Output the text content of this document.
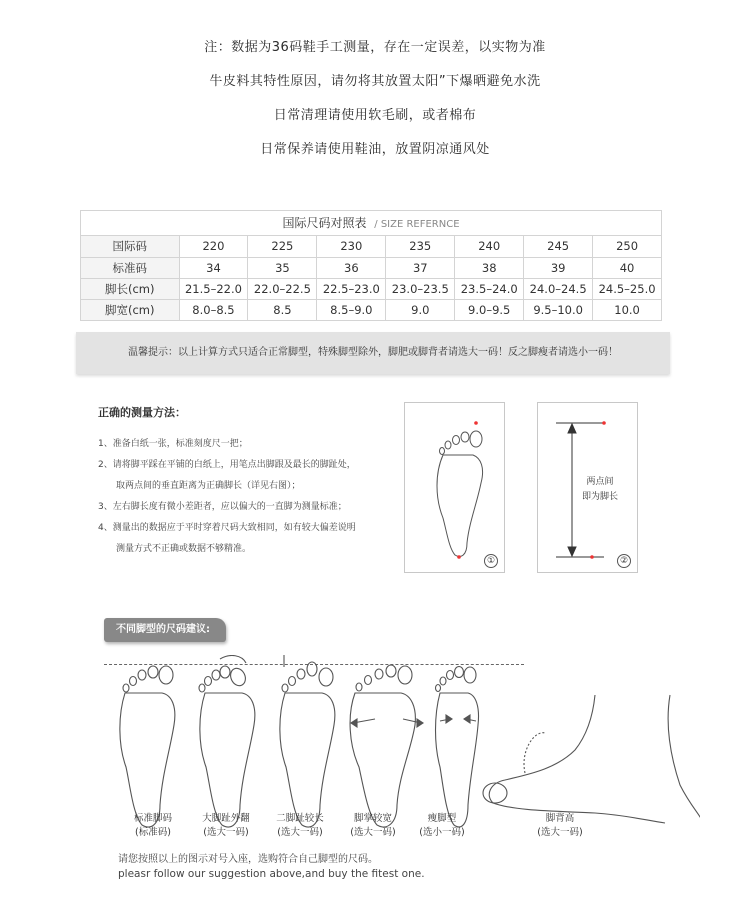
注：数据为36码鞋手工测量，存在一定误差，以实物为准
牛皮料其特性原因，请勿将其放置太阳”下爆晒避免水洗
日常清理请使用软毛刷，或者棉布
日常保养请使用鞋油，放置阴凉通风处
国际尺码对照表 / SIZE REFERNCE
国际码	220	225	230	235	240	245	250
标准码	34	35	36	37	38	39	40
脚长(cm)	21.5–22.0	22.0–22.5	22.5–23.0	23.0–23.5	23.5–24.0	24.0–24.5	24.5–25.0
脚宽(cm)	8.0–8.5	8.5	8.5–9.0	9.0	9.0–9.5	9.5–10.0	10.0
温馨提示：以上计算方式只适合正常脚型，特殊脚型除外，脚肥或脚背者请选大一码！反之脚瘦者请选小一码！
正确的测量方法：
1、准备白纸一张，标准刻度尺一把；
2、请将脚平踩在平铺的白纸上，用笔点出脚跟及最长的脚趾处，
取两点间的垂直距离为正确脚长（详见右图）；
3、左右脚长度有微小差距者，应以偏大的一直脚为测量标准；
4、测量出的数据应于平时穿着尺码大致相同，如有较大偏差说明
测量方式不正确或数据不够精准。
①
两点间
即为脚长
②
不同脚型的尺码建议:
标准脚码
(标准码)
大脚趾外翻
(选大一码)
二脚趾较长
(选大一码)
脚掌较宽
(选大一码)
瘦脚型
(选小一码)
脚背高
(选大一码)
请您按照以上的图示对号入座，选购符合自己脚型的尺码。
pleasr follow our suggestion above,and buy the fitest one.
